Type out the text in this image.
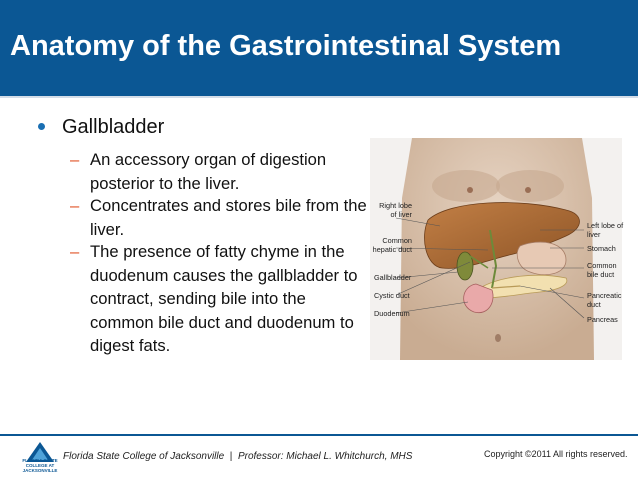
Anatomy of the Gastrointestinal System
Gallbladder
– An accessory organ of digestion posterior to the liver.
– Concentrates and stores bile from the liver.
– The presence of fatty chyme in the duodenum causes the gallbladder to contract, sending bile into the common bile duct and duodenum to digest fats.
Right lobe of liver
Common hepatic duct
Gallbladder
Cystic duct
Duodenum
Left lobe of liver
Stomach
Common bile duct
Pancreatic duct
Pancreas
FLORIDA STATE COLLEGE AT JACKSONVILLE
Florida State College of Jacksonville | Professor: Michael L. Whitchurch, MHS	Copyright ©2011 All rights reserved.
